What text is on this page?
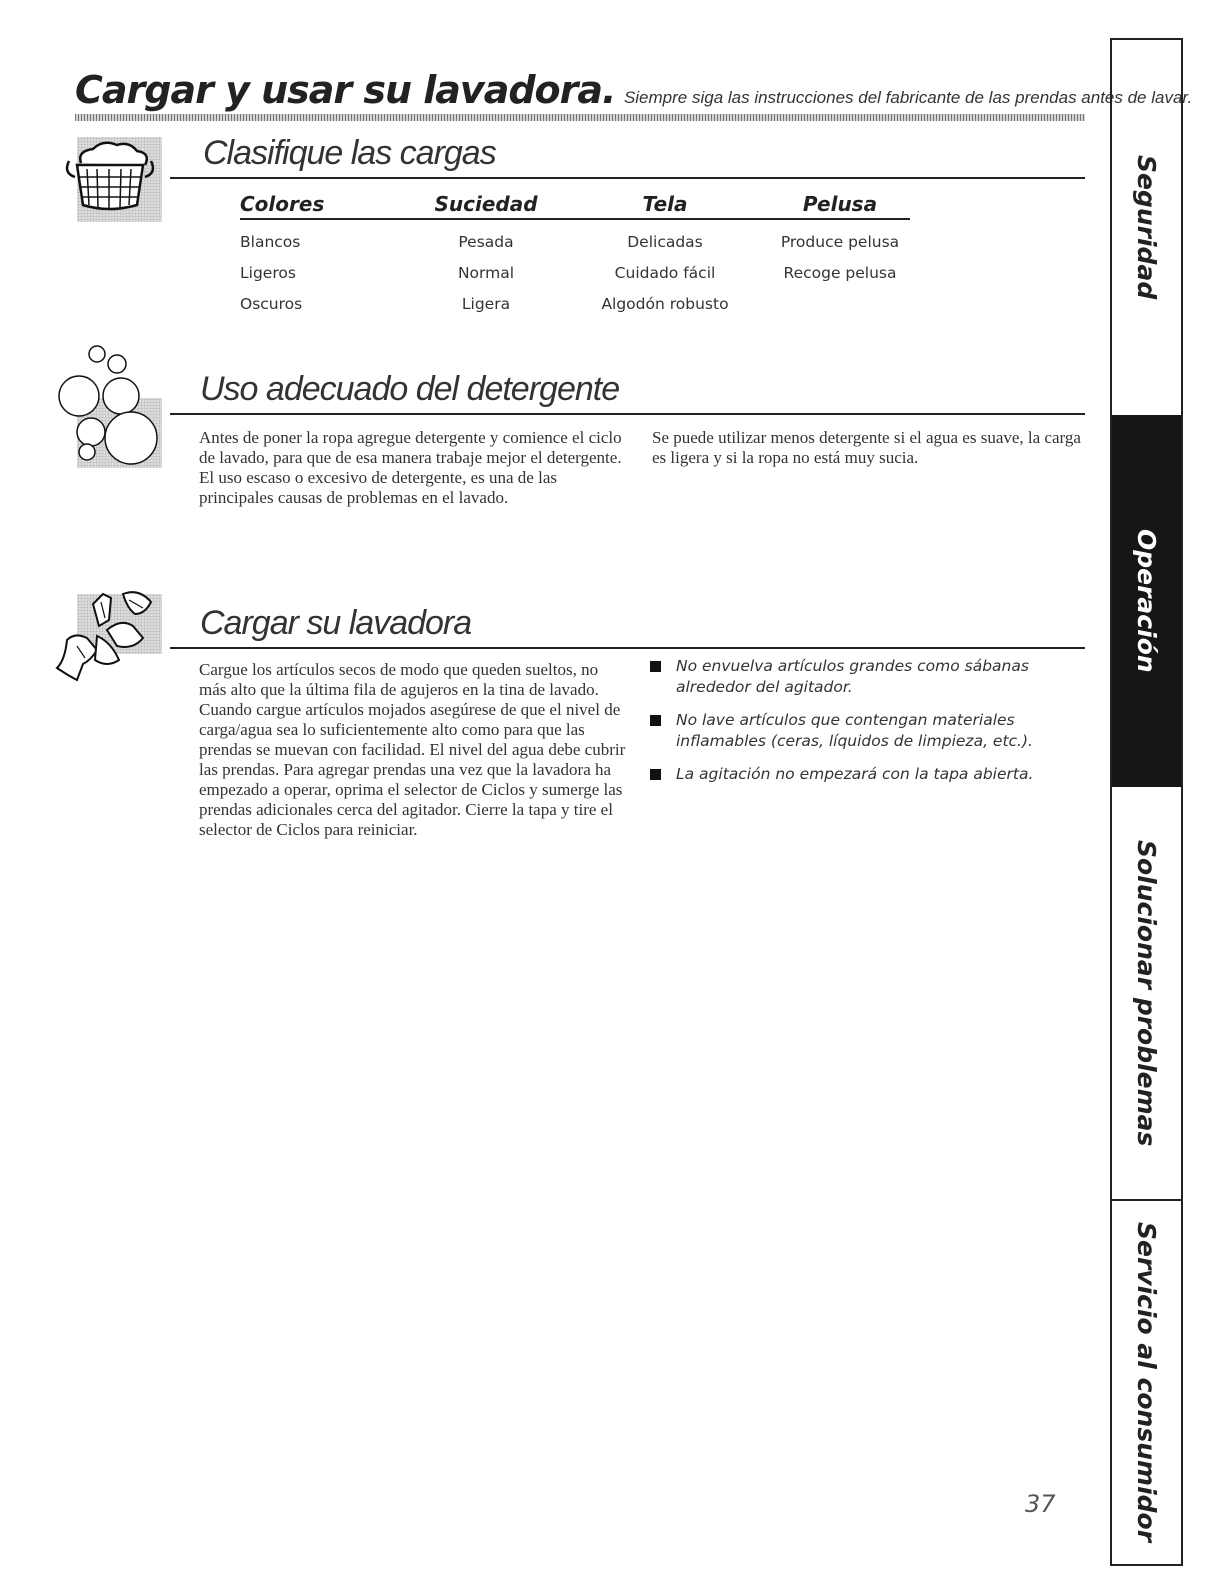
Cargar y usar su lavadora. Siempre siga las instrucciones del fabricante de las prendas antes de lavar.
Clasifique las cargas
Colores	Suciedad	Tela	Pelusa
Blancos	Pesada	Delicadas	Produce pelusa
Ligeros	Normal	Cuidado fácil	Recoge pelusa
Oscuros	Ligera	Algodón robusto	
Uso adecuado del detergente
Antes de poner la ropa agregue detergente y comience el ciclo de lavado, para que de esa manera trabaje mejor el detergente. El uso escaso o excesivo de detergente, es una de las principales causas de problemas en el lavado.
Se puede utilizar menos detergente si el agua es suave, la carga es ligera y si la ropa no está muy sucia.
Cargar su lavadora
Cargue los artículos secos de modo que queden sueltos, no más alto que la última fila de agujeros en la tina de lavado. Cuando cargue artículos mojados asegúrese de que el nivel de carga/agua sea lo suficientemente alto como para que las prendas se muevan con facilidad. El nivel del agua debe cubrir las prendas. Para agregar prendas una vez que la lavadora ha empezado a operar, oprima el selector de Ciclos y sumerge las prendas adicionales cerca del agitador. Cierre la tapa y tire el selector de Ciclos para reiniciar.
No envuelva artículos grandes como sábanas alrededor del agitador.
No lave artículos que contengan materiales inflamables (ceras, líquidos de limpieza, etc.).
La agitación no empezará con la tapa abierta.
Seguridad
Operación
Solucionar problemas
Servicio al consumidor
37
